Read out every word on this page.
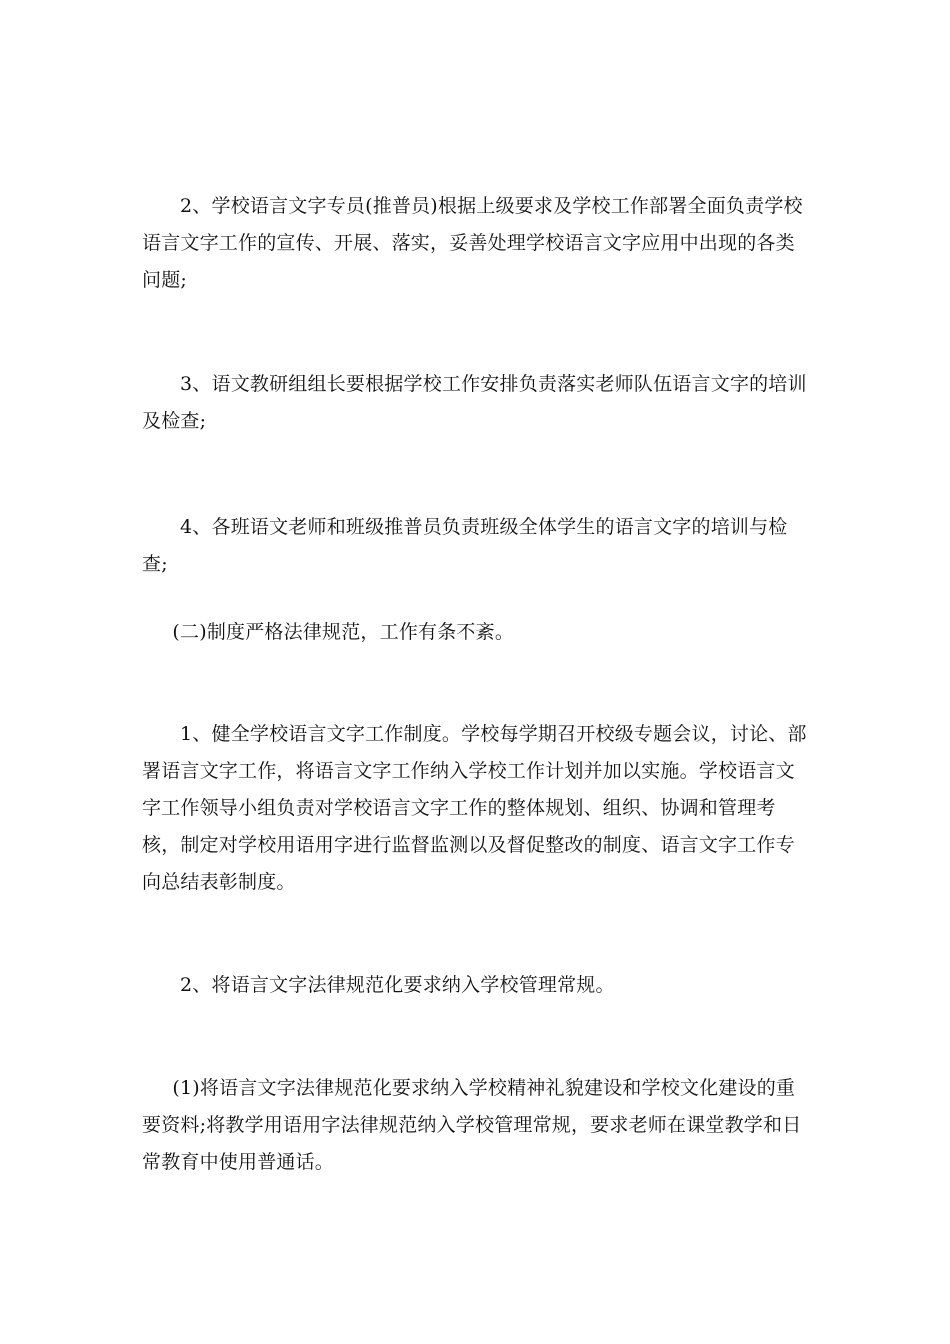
2、学校语言文字专员(推普员)根据上级要求及学校工作部署全面负责学校语言文字工作的宣传、开展、落实，妥善处理学校语言文字应用中出现的各类问题;

3、语文教研组组长要根据学校工作安排负责落实老师队伍语言文字的培训及检查;

4、各班语文老师和班级推普员负责班级全体学生的语言文字的培训与检查;

(二)制度严格法律规范，工作有条不紊。

1、健全学校语言文字工作制度。学校每学期召开校级专题会议，讨论、部署语言文字工作，将语言文字工作纳入学校工作计划并加以实施。学校语言文字工作领导小组负责对学校语言文字工作的整体规划、组织、协调和管理考核，制定对学校用语用字进行监督监测以及督促整改的制度、语言文字工作专向总结表彰制度。

2、将语言文字法律规范化要求纳入学校管理常规。

(1)将语言文字法律规范化要求纳入学校精神礼貌建设和学校文化建设的重要资料;将教学用语用字法律规范纳入学校管理常规，要求老师在课堂教学和日常教育中使用普通话。
